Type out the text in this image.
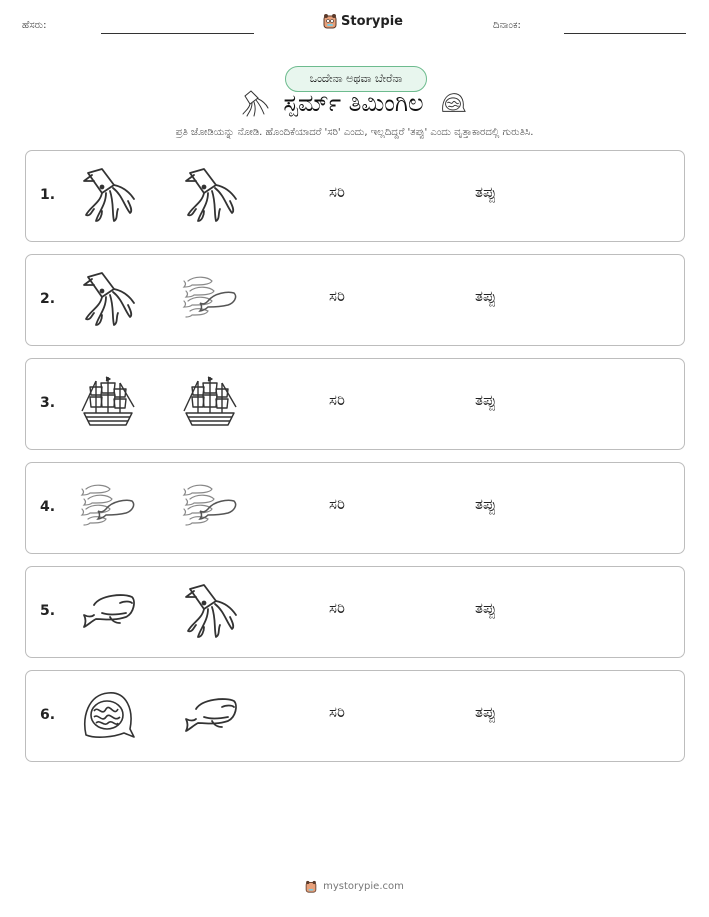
ಹೆಸರು:	Storypie	ದಿನಾಂಕ:
ಒಂದೇನಾ ಅಥವಾ ಬೇರೆನಾ
ಸ್ಪರ್ಮ್ ತಿಮಿಂಗಿಲ
ಪ್ರತಿ ಜೋಡಿಯನ್ನು ನೋಡಿ. ಹೊಂದಿಕೆಯಾದರೆ 'ಸರಿ' ಎಂದು, ಇಲ್ಲದಿದ್ದರೆ 'ತಪ್ಪು' ಎಂದು ವೃತ್ತಾಕಾರದಲ್ಲಿ ಗುರುತಿಸಿ.
1.	ಸರಿ	ತಪ್ಪು
2.	ಸರಿ	ತಪ್ಪು
3.	ಸರಿ	ತಪ್ಪು
4.	ಸರಿ	ತಪ್ಪು
5.	ಸರಿ	ತಪ್ಪು
6.	ಸರಿ	ತಪ್ಪು
mystorypie.com
